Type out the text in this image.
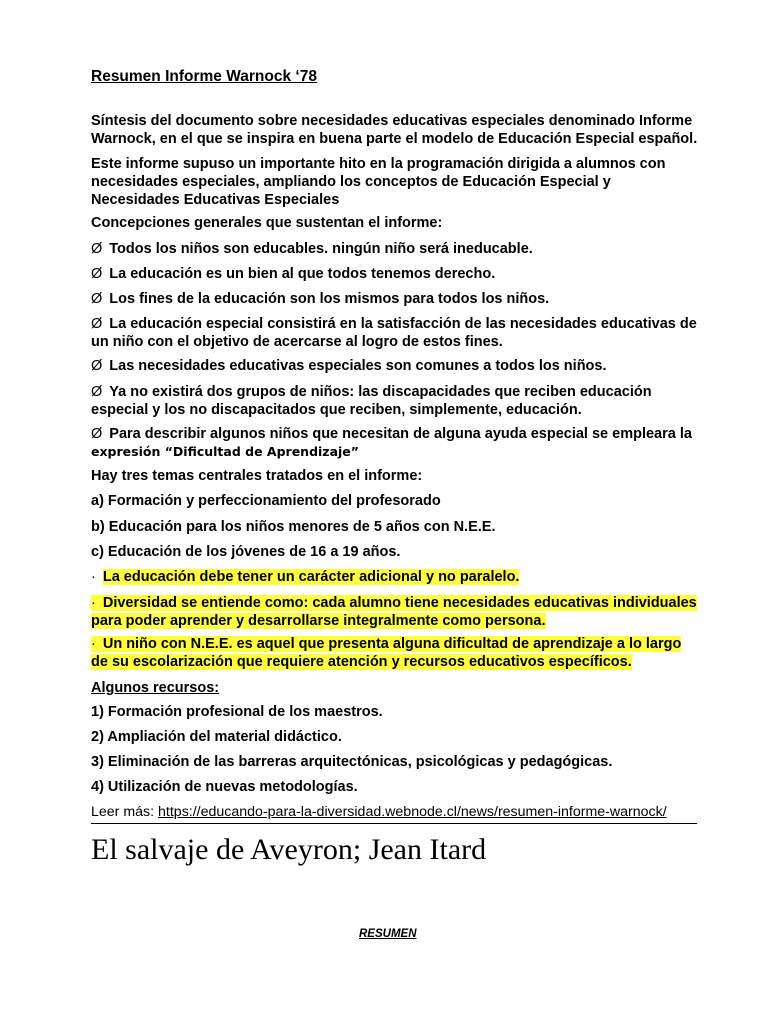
Resumen Informe Warnock ‘78
Síntesis del documento sobre necesidades educativas especiales denominado Informe Warnock, en el que se inspira en buena parte el modelo de Educación Especial español.
Este informe supuso un importante hito en la programación dirigida a alumnos con necesidades especiales, ampliando los conceptos de Educación Especial y Necesidades Educativas Especiales
Concepciones generales que sustentan el informe:
Ø Todos los niños son educables. ningún niño será ineducable.
Ø La educación es un bien al que todos tenemos derecho.
Ø Los fines de la educación son los mismos para todos los niños.
Ø La educación especial consistirá en la satisfacción de las necesidades educativas de un niño con el objetivo de acercarse al logro de estos fines.
Ø Las necesidades educativas especiales son comunes a todos los niños.
Ø Ya no existirá dos grupos de niños: las discapacidades que reciben educación especial y los no discapacitados que reciben, simplemente, educación.
Ø Para describir algunos niños que necesitan de alguna ayuda especial se empleara la
expresión “Dificultad de Aprendizaje”
Hay tres temas centrales tratados en el informe:
a) Formación y perfeccionamiento del profesorado
b) Educación para los niños menores de 5 años con N.E.E.
c) Educación de los jóvenes de 16 a 19 años.
· La educación debe tener un carácter adicional y no paralelo.
· Diversidad se entiende como: cada alumno tiene necesidades educativas individuales para poder aprender y desarrollarse integralmente como persona.
· Un niño con N.E.E. es aquel que presenta alguna dificultad de aprendizaje a lo largo de su escolarización que requiere atención y recursos educativos específicos.
Algunos recursos:
1) Formación profesional de los maestros.
2) Ampliación del material didáctico.
3) Eliminación de las barreras arquitectónicas, psicológicas y pedagógicas.
4) Utilización de nuevas metodologías.
Leer más: https://educando-para-la-diversidad.webnode.cl/news/resumen-informe-warnock/
El salvaje de Aveyron; Jean Itard
RESUMEN
